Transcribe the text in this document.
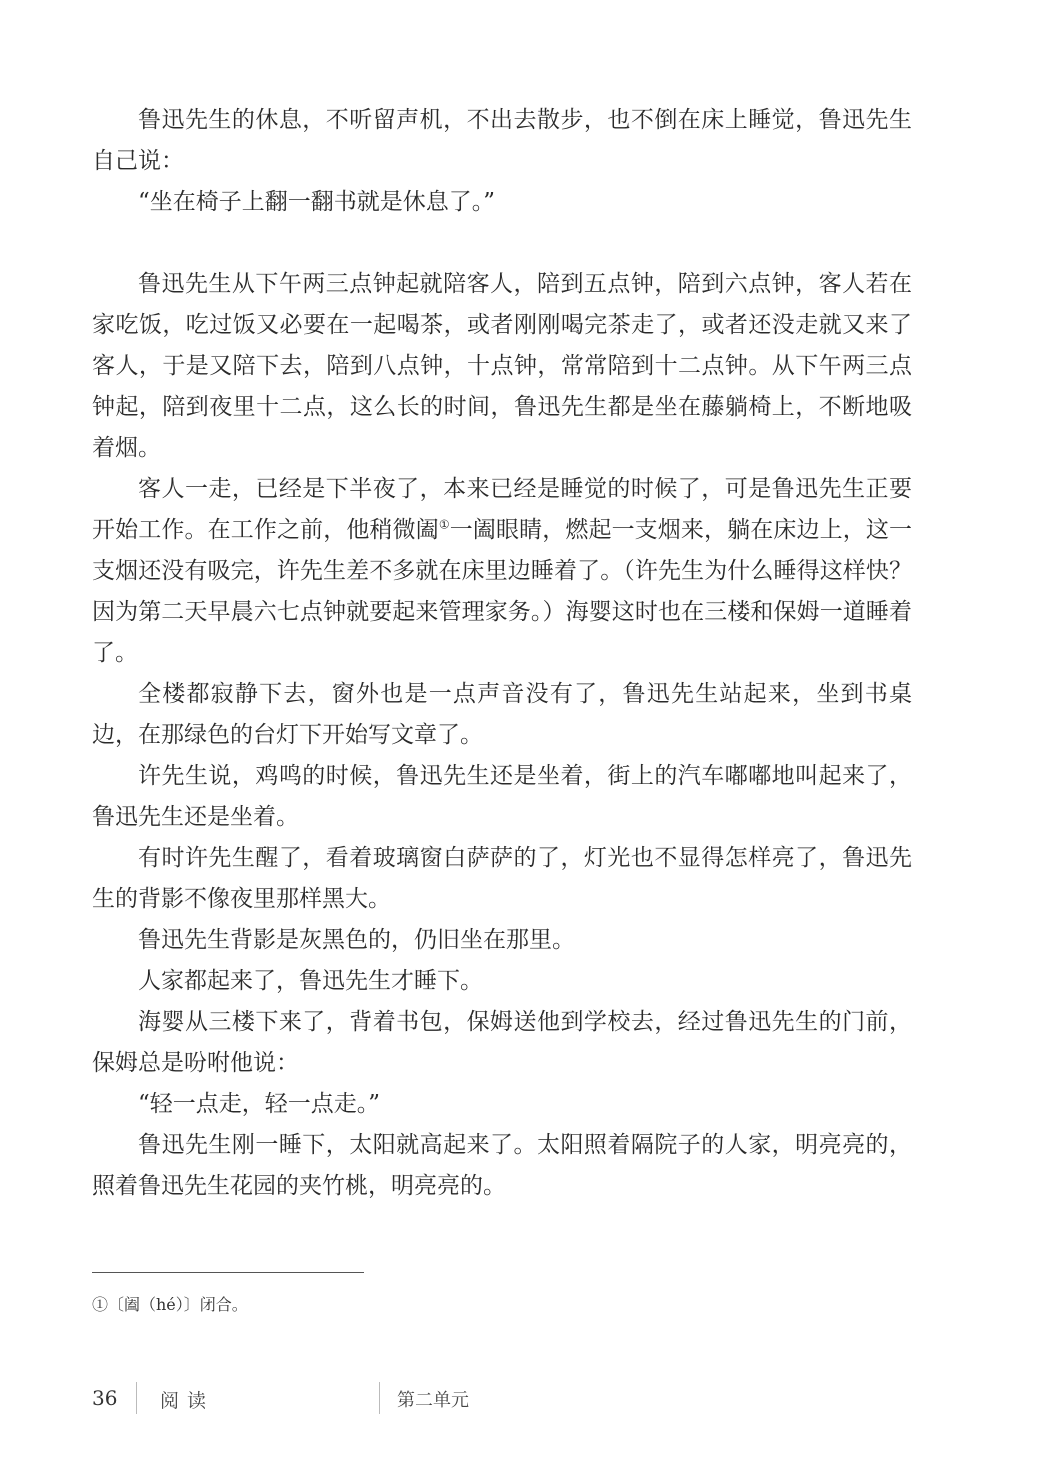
鲁迅先生的休息，不听留声机，不出去散步，也不倒在床上睡觉，鲁迅先生自己说：

“坐在椅子上翻一翻书就是休息了。”

鲁迅先生从下午两三点钟起就陪客人，陪到五点钟，陪到六点钟，客人若在家吃饭，吃过饭又必要在一起喝茶，或者刚刚喝完茶走了，或者还没走就又来了客人，于是又陪下去，陪到八点钟，十点钟，常常陪到十二点钟。从下午两三点钟起，陪到夜里十二点，这么长的时间，鲁迅先生都是坐在藤躺椅上，不断地吸着烟。

客人一走，已经是下半夜了，本来已经是睡觉的时候了，可是鲁迅先生正要开始工作。在工作之前，他稍微阖①一阖眼睛，燃起一支烟来，躺在床边上，这一支烟还没有吸完，许先生差不多就在床里边睡着了。（许先生为什么睡得这样快？因为第二天早晨六七点钟就要起来管理家务。）海婴这时也在三楼和保姆一道睡着了。

全楼都寂静下去，窗外也是一点声音没有了，鲁迅先生站起来，坐到书桌边，在那绿色的台灯下开始写文章了。

许先生说，鸡鸣的时候，鲁迅先生还是坐着，街上的汽车嘟嘟地叫起来了，鲁迅先生还是坐着。

有时许先生醒了，看着玻璃窗白萨萨的了，灯光也不显得怎样亮了，鲁迅先生的背影不像夜里那样黑大。

鲁迅先生背影是灰黑色的，仍旧坐在那里。

人家都起来了，鲁迅先生才睡下。

海婴从三楼下来了，背着书包，保姆送他到学校去，经过鲁迅先生的门前，保姆总是吩咐他说：

“轻一点走，轻一点走。”

鲁迅先生刚一睡下，太阳就高起来了。太阳照着隔院子的人家，明亮亮的，照着鲁迅先生花园的夹竹桃，明亮亮的。

①〔阖（hé）〕闭合。
36 阅读	第二单元
